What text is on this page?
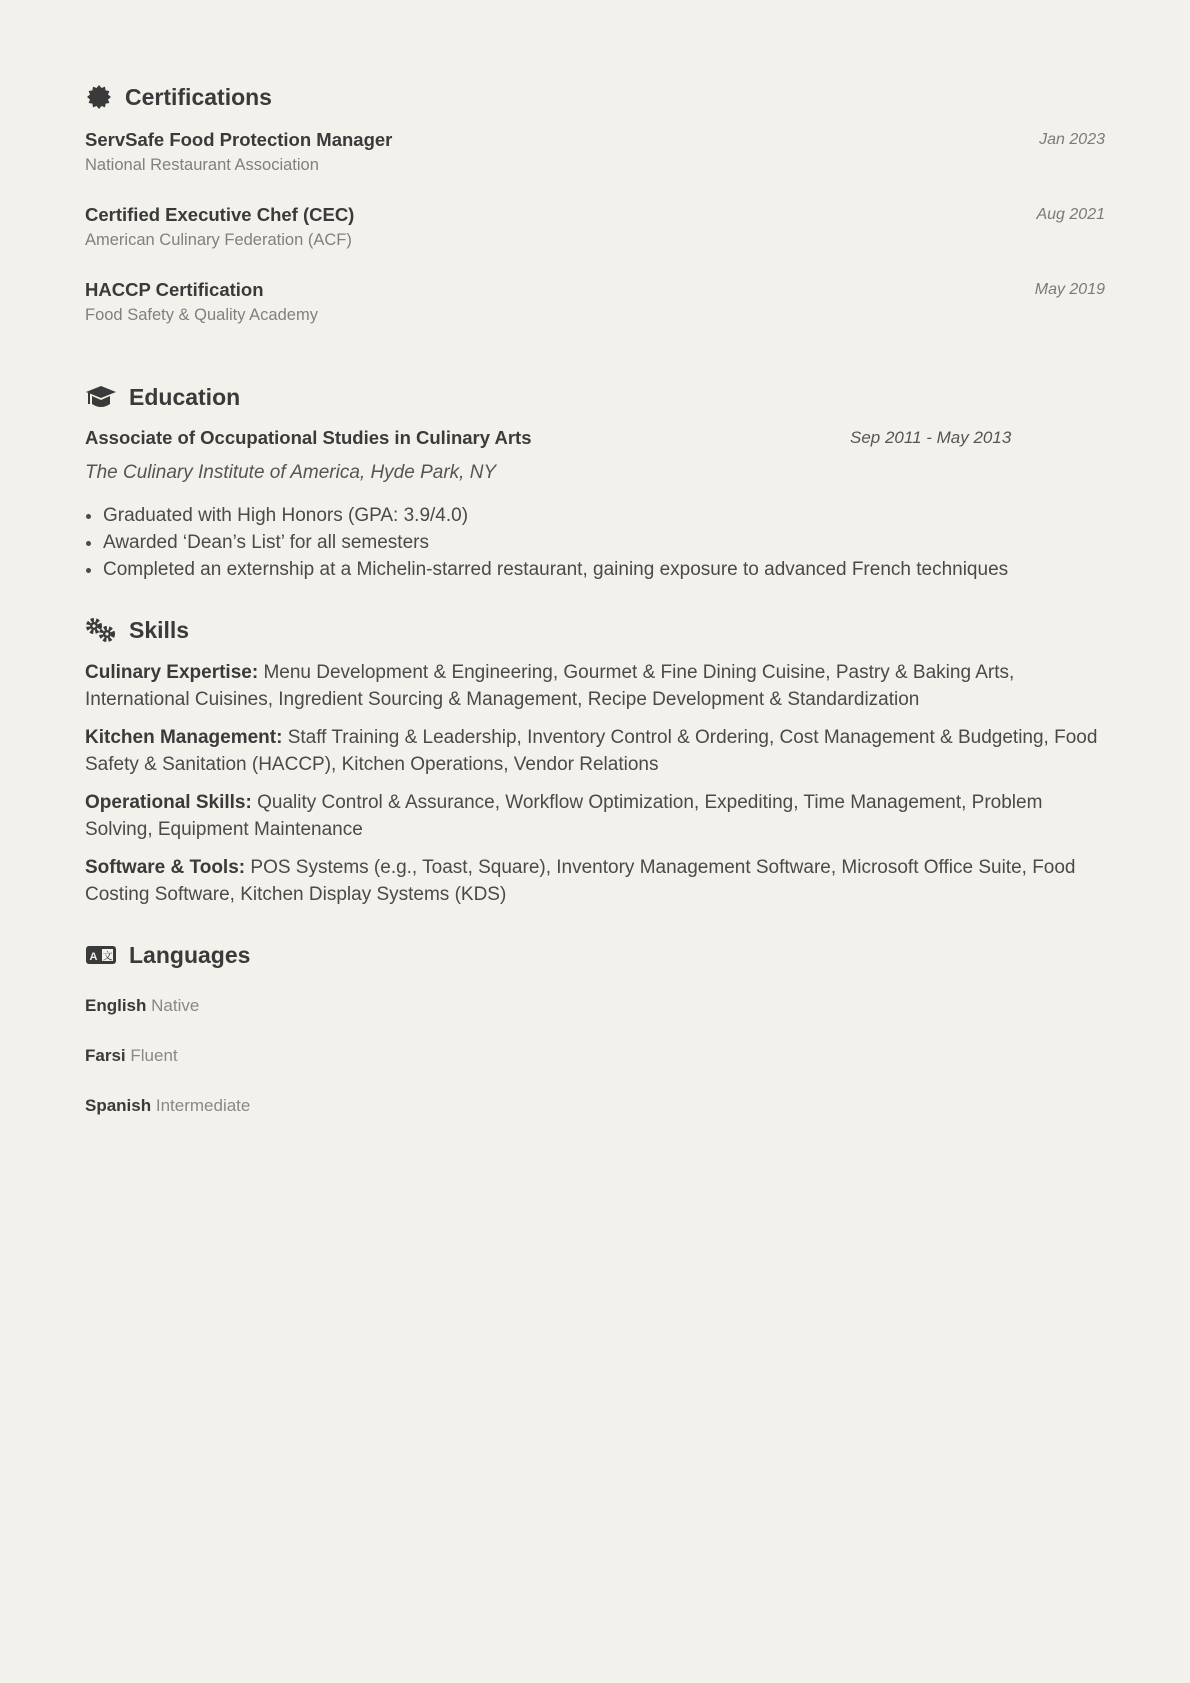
Certifications
ServSafe Food Protection Manager
National Restaurant Association
Jan 2023
Certified Executive Chef (CEC)
American Culinary Federation (ACF)
Aug 2021
HACCP Certification
Food Safety & Quality Academy
May 2019
Education
Associate of Occupational Studies in Culinary Arts	Sep 2011 - May 2013
The Culinary Institute of America, Hyde Park, NY
• Graduated with High Honors (GPA: 3.9/4.0)
• Awarded ‘Dean’s List’ for all semesters
• Completed an externship at a Michelin-starred restaurant, gaining exposure to advanced French techniques
Skills
Culinary Expertise: Menu Development & Engineering, Gourmet & Fine Dining Cuisine, Pastry & Baking Arts, International Cuisines, Ingredient Sourcing & Management, Recipe Development & Standardization
Kitchen Management: Staff Training & Leadership, Inventory Control & Ordering, Cost Management & Budgeting, Food Safety & Sanitation (HACCP), Kitchen Operations, Vendor Relations
Operational Skills: Quality Control & Assurance, Workflow Optimization, Expediting, Time Management, Problem Solving, Equipment Maintenance
Software & Tools: POS Systems (e.g., Toast, Square), Inventory Management Software, Microsoft Office Suite, Food Costing Software, Kitchen Display Systems (KDS)
A 文 Languages
English Native
Farsi Fluent
Spanish Intermediate
